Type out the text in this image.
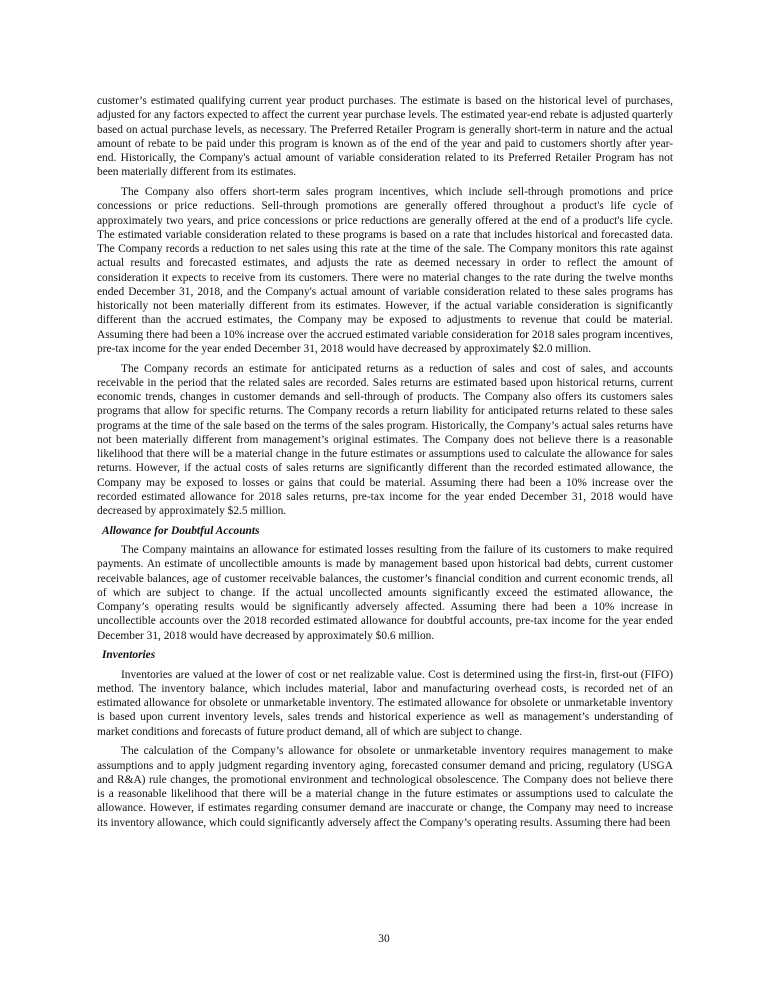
customer’s estimated qualifying current year product purchases. The estimate is based on the historical level of purchases, adjusted for any factors expected to affect the current year purchase levels. The estimated year-end rebate is adjusted quarterly based on actual purchase levels, as necessary. The Preferred Retailer Program is generally short-term in nature and the actual amount of rebate to be paid under this program is known as of the end of the year and paid to customers shortly after year-end. Historically, the Company's actual amount of variable consideration related to its Preferred Retailer Program has not been materially different from its estimates.

The Company also offers short-term sales program incentives, which include sell-through promotions and price concessions or price reductions. Sell-through promotions are generally offered throughout a product's life cycle of approximately two years, and price concessions or price reductions are generally offered at the end of a product's life cycle. The estimated variable consideration related to these programs is based on a rate that includes historical and forecasted data. The Company records a reduction to net sales using this rate at the time of the sale. The Company monitors this rate against actual results and forecasted estimates, and adjusts the rate as deemed necessary in order to reflect the amount of consideration it expects to receive from its customers. There were no material changes to the rate during the twelve months ended December 31, 2018, and the Company's actual amount of variable consideration related to these sales programs has historically not been materially different from its estimates. However, if the actual variable consideration is significantly different than the accrued estimates, the Company may be exposed to adjustments to revenue that could be material. Assuming there had been a 10% increase over the accrued estimated variable consideration for 2018 sales program incentives, pre-tax income for the year ended December 31, 2018 would have decreased by approximately $2.0 million.

The Company records an estimate for anticipated returns as a reduction of sales and cost of sales, and accounts receivable in the period that the related sales are recorded. Sales returns are estimated based upon historical returns, current economic trends, changes in customer demands and sell-through of products. The Company also offers its customers sales programs that allow for specific returns. The Company records a return liability for anticipated returns related to these sales programs at the time of the sale based on the terms of the sales program. Historically, the Company’s actual sales returns have not been materially different from management’s original estimates. The Company does not believe there is a reasonable likelihood that there will be a material change in the future estimates or assumptions used to calculate the allowance for sales returns. However, if the actual costs of sales returns are significantly different than the recorded estimated allowance, the Company may be exposed to losses or gains that could be material. Assuming there had been a 10% increase over the recorded estimated allowance for 2018 sales returns, pre-tax income for the year ended December 31, 2018 would have decreased by approximately $2.5 million.

Allowance for Doubtful Accounts

The Company maintains an allowance for estimated losses resulting from the failure of its customers to make required payments. An estimate of uncollectible amounts is made by management based upon historical bad debts, current customer receivable balances, age of customer receivable balances, the customer’s financial condition and current economic trends, all of which are subject to change. If the actual uncollected amounts significantly exceed the estimated allowance, the Company’s operating results would be significantly adversely affected. Assuming there had been a 10% increase in uncollectible accounts over the 2018 recorded estimated allowance for doubtful accounts, pre-tax income for the year ended December 31, 2018 would have decreased by approximately $0.6 million.

Inventories

Inventories are valued at the lower of cost or net realizable value. Cost is determined using the first-in, first-out (FIFO) method. The inventory balance, which includes material, labor and manufacturing overhead costs, is recorded net of an estimated allowance for obsolete or unmarketable inventory. The estimated allowance for obsolete or unmarketable inventory is based upon current inventory levels, sales trends and historical experience as well as management’s understanding of market conditions and forecasts of future product demand, all of which are subject to change.

The calculation of the Company’s allowance for obsolete or unmarketable inventory requires management to make assumptions and to apply judgment regarding inventory aging, forecasted consumer demand and pricing, regulatory (USGA and R&A) rule changes, the promotional environment and technological obsolescence. The Company does not believe there is a reasonable likelihood that there will be a material change in the future estimates or assumptions used to calculate the allowance. However, if estimates regarding consumer demand are inaccurate or change, the Company may need to increase its inventory allowance, which could significantly adversely affect the Company’s operating results. Assuming there had been

30
